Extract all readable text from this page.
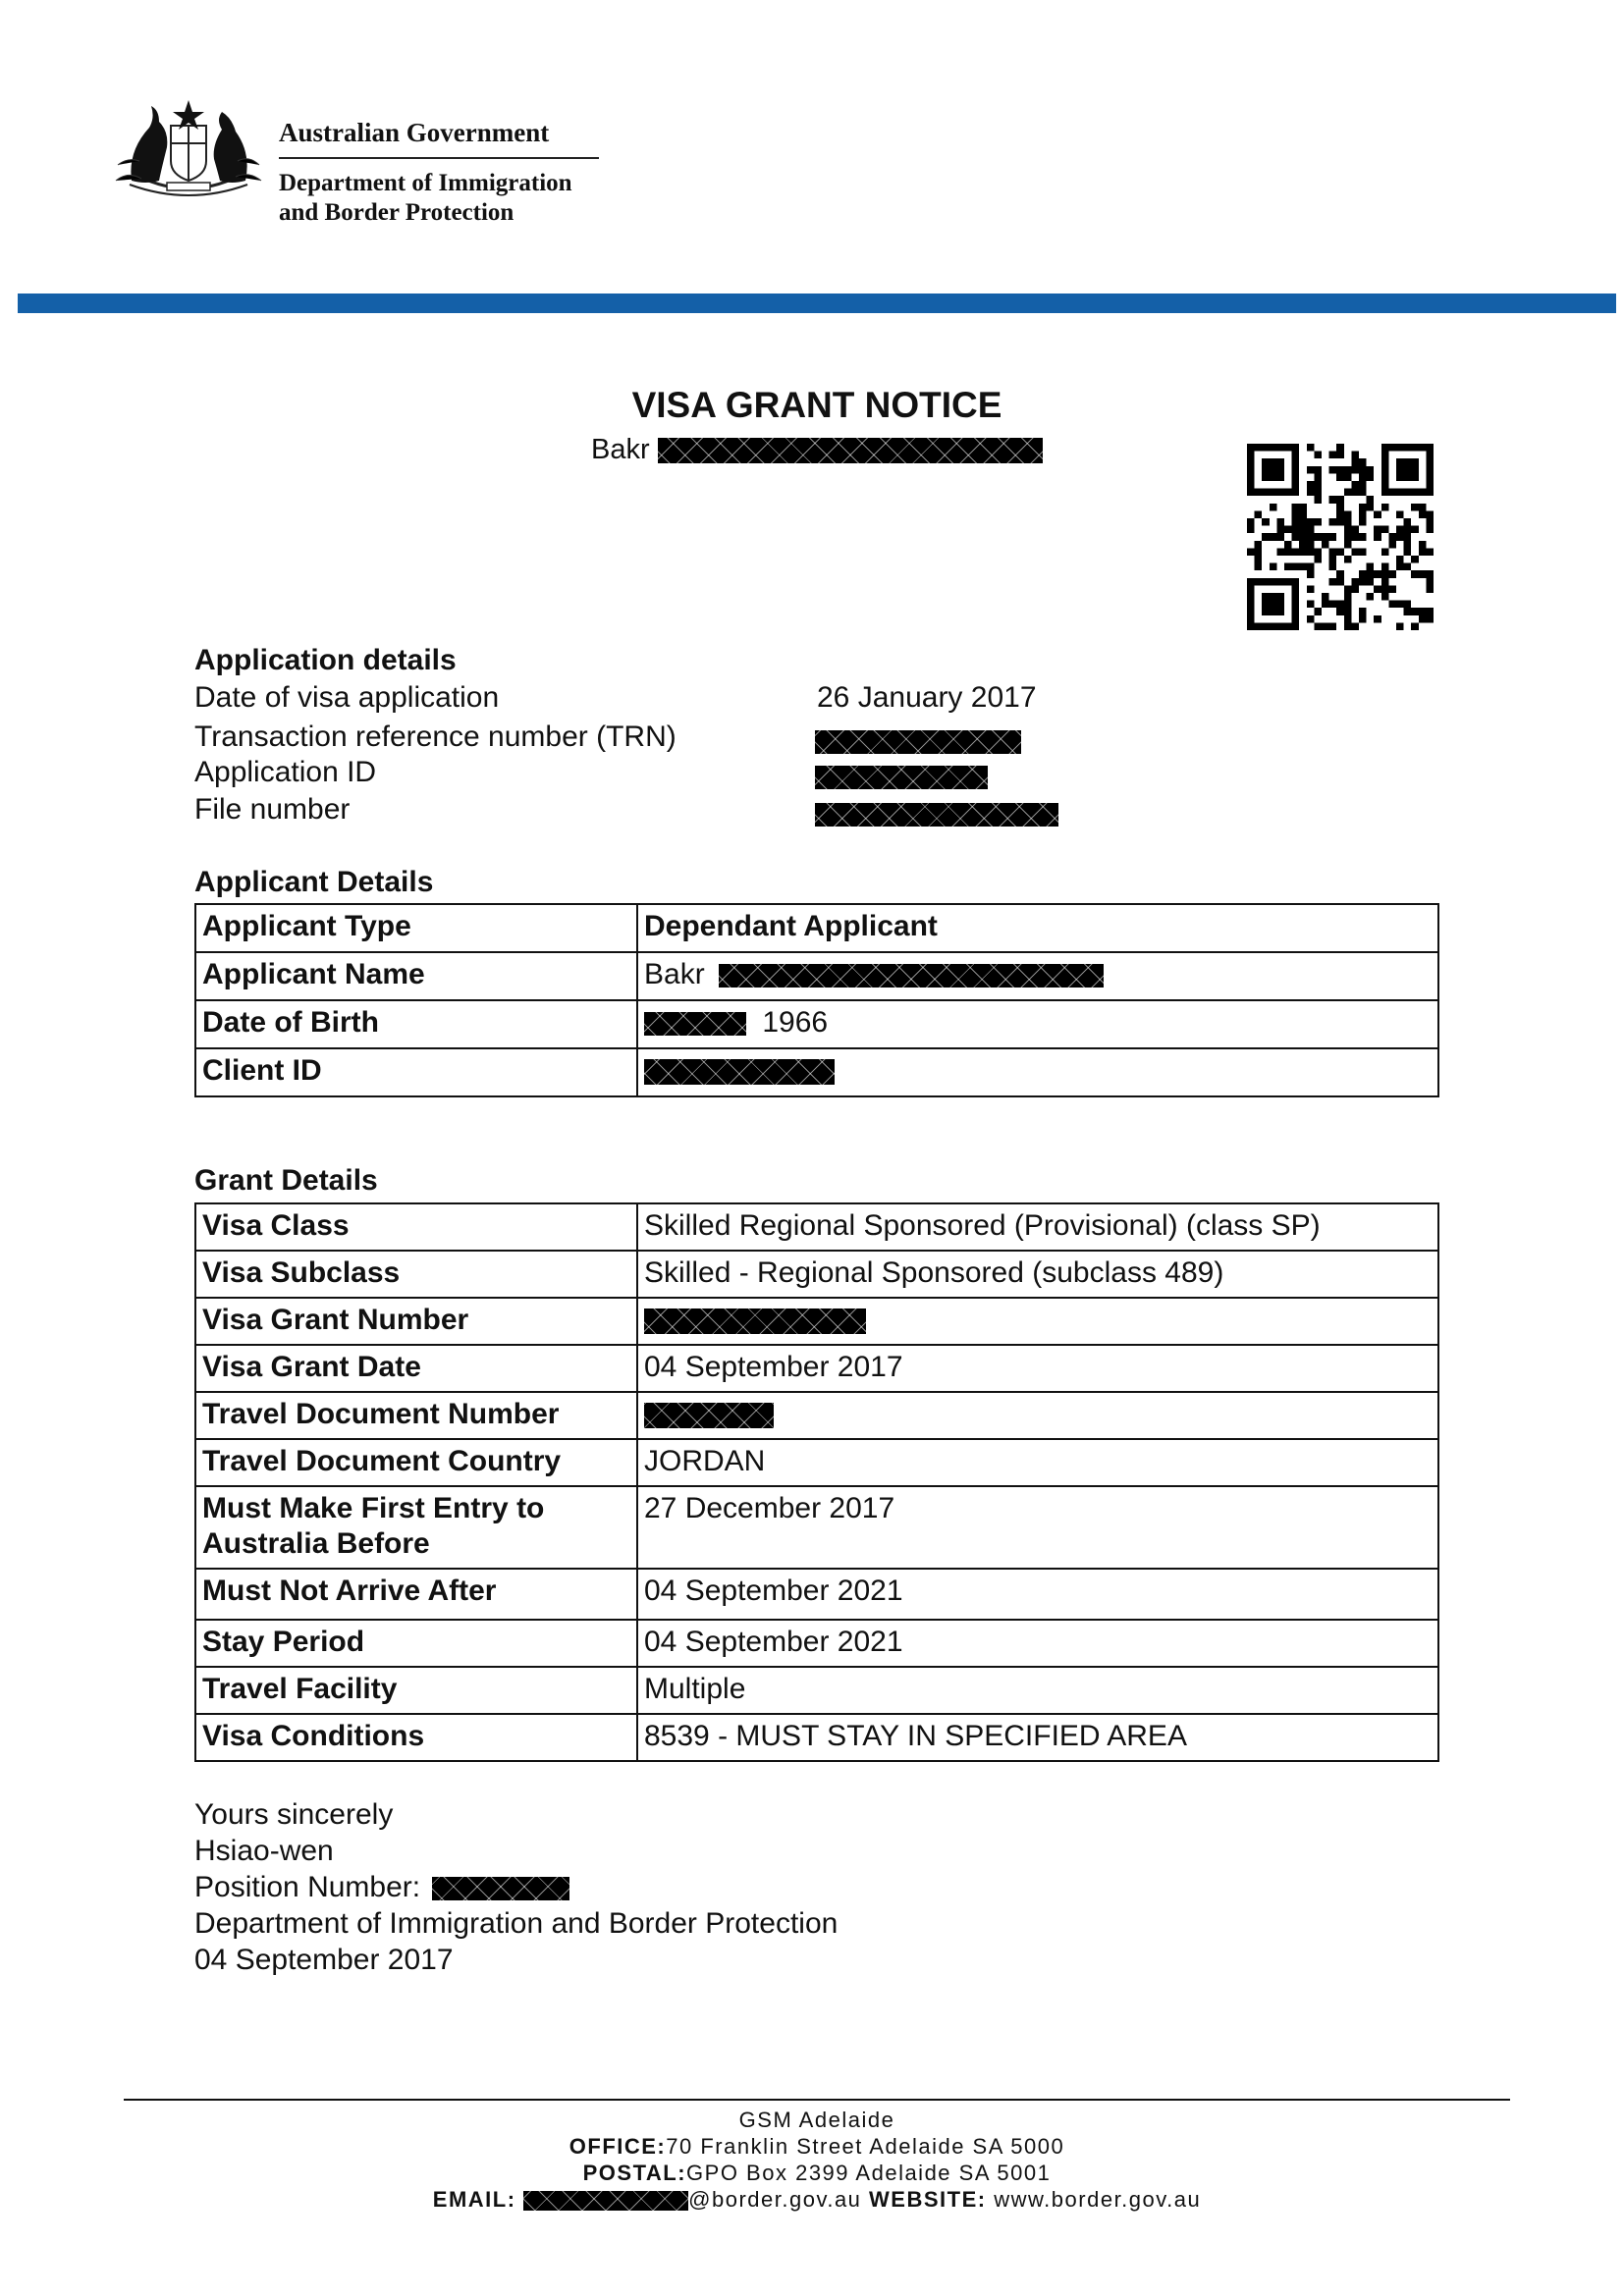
Australian Government
Department of Immigration
and Border Protection
VISA GRANT NOTICE
Bakr
Application details
Date of visa application	26 January 2017
Transaction reference number (TRN)
Application ID
File number
Applicant Details
Applicant Type	Dependant Applicant
Applicant Name	Bakr
Date of Birth	1966
Client ID	
Grant Details
Visa Class	Skilled Regional Sponsored (Provisional) (class SP)
Visa Subclass	Skilled - Regional Sponsored (subclass 489)
Visa Grant Number	
Visa Grant Date	04 September 2017
Travel Document Number	
Travel Document Country	JORDAN

Must Make First Entry to
Australia Before	27 December 2017
Must Not Arrive After	04 September 2021
Stay Period	04 September 2021
Travel Facility	Multiple
Visa Conditions	8539 - MUST STAY IN SPECIFIED AREA
Yours sincerely
Hsiao-wen
Position Number:
Department of Immigration and Border Protection
04 September 2017
GSM Adelaide
OFFICE:70 Franklin Street Adelaide SA 5000
POSTAL:GPO Box 2399 Adelaide SA 5001
EMAIL:	@border.gov.au WEBSITE: www.border.gov.au
